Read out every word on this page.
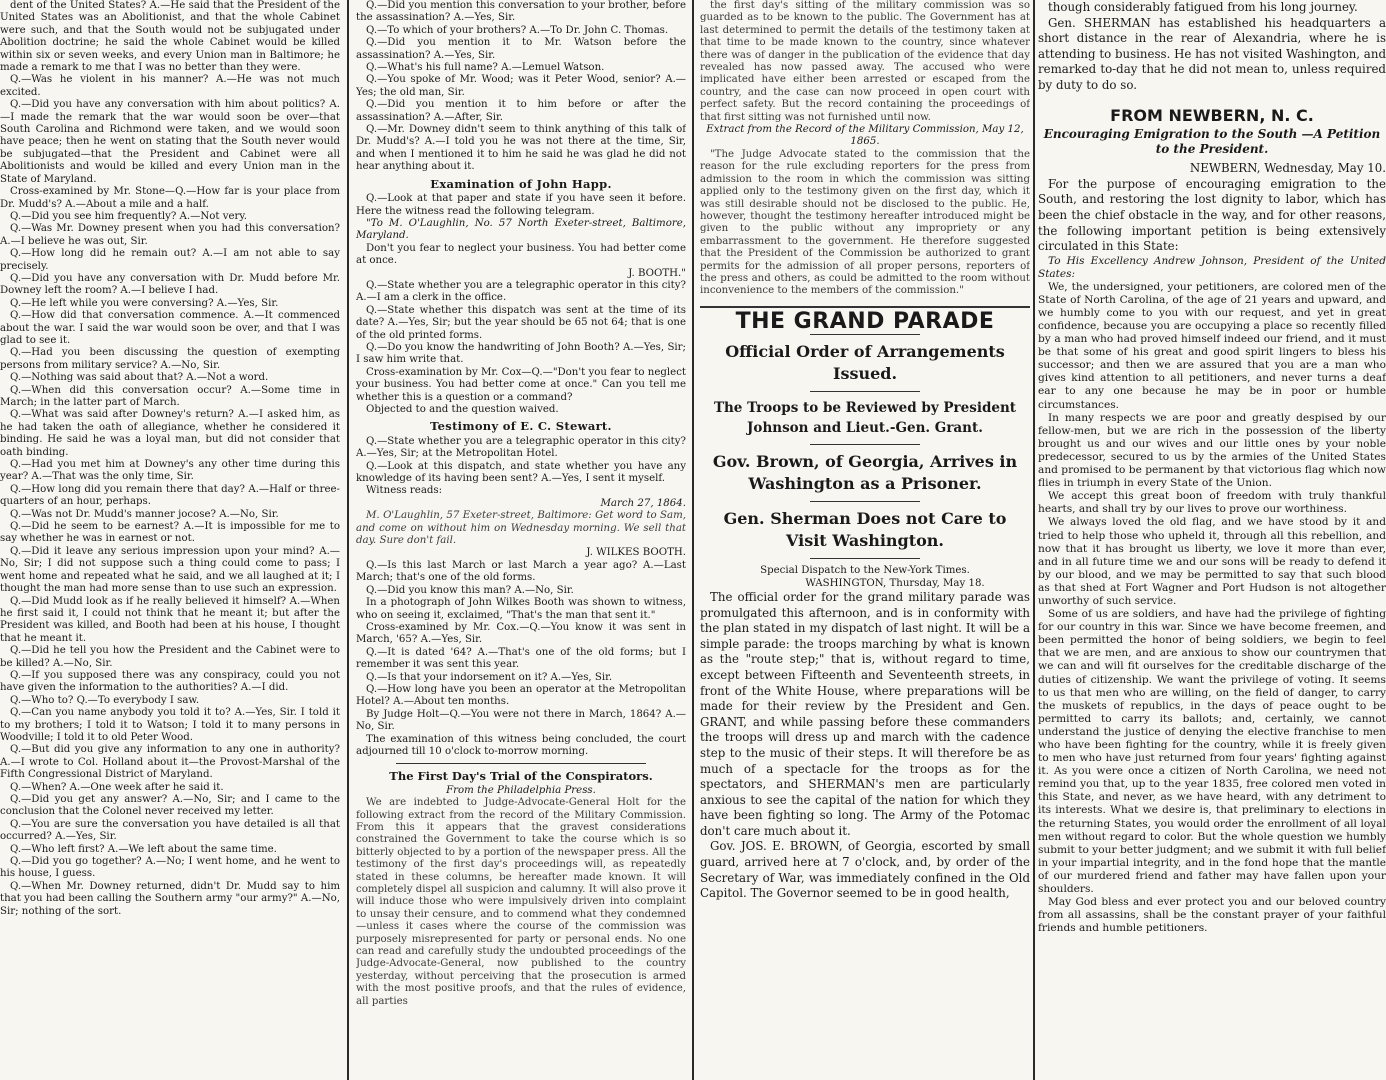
dent of the United States? A.—He said that the President of the United States was an Abolitionist, and that the whole Cabinet were such, and that the South would not be subjugated under Abolition doctrine; he said the whole Cabinet would be killed within six or seven weeks, and every Union man in Baltimore; he made a remark to me that I was no better than they were.

Q.—Was he violent in his manner? A.—He was not much excited.

Q.—Did you have any conversation with him about politics? A.—I made the remark that the war would soon be over—that South Carolina and Richmond were taken, and we would soon have peace; then he went on stating that the South never would be subjugated—that the President and Cabinet were all Abolitionists and would be killed and every Union man in the State of Maryland.

Cross-examined by Mr. Stone—Q.—How far is your place from Dr. Mudd's? A.—About a mile and a half.

Q.—Did you see him frequently? A.—Not very.

Q.—Was Mr. Downey present when you had this conversation? A.—I believe he was out, Sir.

Q.—How long did he remain out? A.—I am not able to say precisely.

Q.—Did you have any conversation with Dr. Mudd before Mr. Downey left the room? A.—I believe I had.

Q.—He left while you were conversing? A.—Yes, Sir.

Q.—How did that conversation commence. A.—It commenced about the war. I said the war would soon be over, and that I was glad to see it.

Q.—Had you been discussing the question of exempting persons from military service? A.—No, Sir.

Q.—Nothing was said about that? A.—Not a word.

Q.—When did this conversation occur? A.—Some time in March; in the latter part of March.

Q.—What was said after Downey's return? A.—I asked him, as he had taken the oath of allegiance, whether he considered it binding. He said he was a loyal man, but did not consider that oath binding.

Q.—Had you met him at Downey's any other time during this year? A.—That was the only time, Sir.

Q.—How long did you remain there that day? A.—Half or three-quarters of an hour, perhaps.

Q.—Was not Dr. Mudd's manner jocose? A.—No, Sir.

Q.—Did he seem to be earnest? A.—It is impossible for me to say whether he was in earnest or not.

Q.—Did it leave any serious impression upon your mind? A.—No, Sir; I did not suppose such a thing could come to pass; I went home and repeated what he said, and we all laughed at it; I thought the man had more sense than to use such an expression.

Q.—Did Mudd look as if he really believed it himself? A.—When he first said it, I could not think that he meant it; but after the President was killed, and Booth had been at his house, I thought that he meant it.

Q.—Did he tell you how the President and the Cabinet were to be killed? A.—No, Sir.

Q.—If you supposed there was any conspiracy, could you not have given the information to the authorities? A.—I did.

Q.—Who to? Q.—To everybody I saw.

Q.—Can you name anybody you told it to? A.—Yes, Sir. I told it to my brothers; I told it to Watson; I told it to many persons in Woodville; I told it to old Peter Wood.

Q.—But did you give any information to any one in authority? A.—I wrote to Col. Holland about it—the Provost-Marshal of the Fifth Congressional District of Maryland.

Q.—When? A.—One week after he said it.

Q.—Did you get any answer? A.—No, Sir; and I came to the conclusion that the Colonel never received my letter.

Q.—You are sure the conversation you have detailed is all that occurred? A.—Yes, Sir.

Q.—Who left first? A.—We left about the same time.

Q.—Did you go together? A.—No; I went home, and he went to his house, I guess.

Q.—When Mr. Downey returned, didn't Dr. Mudd say to him that you had been calling the Southern army "our army?" A.—No, Sir; nothing of the sort.

Q.—Did you mention this conversation to your brother, before the assassination? A.—Yes, Sir.

Q.—To which of your brothers? A.—To Dr. John C. Thomas.

Q.—Did you mention it to Mr. Watson before the assassination? A.—Yes, Sir.

Q.—What's his full name? A.—Lemuel Watson.

Q.—You spoke of Mr. Wood; was it Peter Wood, senior? A.—Yes; the old man, Sir.

Q.—Did you mention it to him before or after the assassination? A.—After, Sir.

Q.—Mr. Downey didn't seem to think anything of this talk of Dr. Mudd's? A.—I told you he was not there at the time, Sir, and when I mentioned it to him he said he was glad he did not hear anything about it.

Examination of John Happ.

Q.—Look at that paper and state if you have seen it before. Here the witness read the following telegram.

"To M. O'Laughlin, No. 57 North Exeter-street, Baltimore, Maryland.

Don't you fear to neglect your business. You had better come at once.

J. BOOTH."

Q.—State whether you are a telegraphic operator in this city? A.—I am a clerk in the office.

Q.—State whether this dispatch was sent at the time of its date? A.—Yes, Sir; but the year should be 65 not 64; that is one of the old printed forms.

Q.—Do you know the handwriting of John Booth? A.—Yes, Sir; I saw him write that.

Cross-examination by Mr. Cox—Q.—"Don't you fear to neglect your business. You had better come at once." Can you tell me whether this is a question or a command?

Objected to and the question waived.

Testimony of E. C. Stewart.

Q.—State whether you are a telegraphic operator in this city? A.—Yes, Sir; at the Metropolitan Hotel.

Q.—Look at this dispatch, and state whether you have any knowledge of its having been sent? A.—Yes, I sent it myself.

Witness reads:

March 27, 1864.

M. O'Laughlin, 57 Exeter-street, Baltimore: Get word to Sam, and come on without him on Wednesday morning. We sell that day. Sure don't fail.

J. WILKES BOOTH.

Q.—Is this last March or last March a year ago? A.—Last March; that's one of the old forms.

Q.—Did you know this man? A.—No, Sir.

In a photograph of John Wilkes Booth was shown to witness, who on seeing it, exclaimed, "That's the man that sent it."

Cross-examined by Mr. Cox.—Q.—You know it was sent in March, '65? A.—Yes, Sir.

Q.—It is dated '64? A.—That's one of the old forms; but I remember it was sent this year.

Q.—Is that your indorsement on it? A.—Yes, Sir.

Q.—How long have you been an operator at the Metropolitan Hotel? A.—About ten months.

By Judge Holt—Q.—You were not there in March, 1864? A.—No, Sir.

The examination of this witness being concluded, the court adjourned till 10 o'clock to-morrow morning.

The First Day's Trial of the Conspirators.

From the Philadelphia Press.

We are indebted to Judge-Advocate-General Holt for the following extract from the record of the Military Commission. From this it appears that the gravest considerations constrained the Government to take the course which is so bitterly objected to by a portion of the newspaper press. All the testimony of the first day's proceedings will, as repeatedly stated in these columns, be hereafter made known. It will completely dispel all suspicion and calumny. It will also prove it will induce those who were impulsively driven into complaint to unsay their censure, and to commend what they condemned—unless it cases where the course of the commission was purposely misrepresented for party or personal ends. No one can read and carefully study the undoubted proceedings of the Judge-Advocate-General, now published to the country yesterday, without perceiving that the prosecution is armed with the most positive proofs, and that the rules of evidence, all parties

the first day's sitting of the military commission was so guarded as to be known to the public. The Government has at last determined to permit the details of the testimony taken at that time to be made known to the country, since whatever there was of danger in the publication of the evidence that day revealed has now passed away. The accused who were implicated have either been arrested or escaped from the country, and the case can now proceed in open court with perfect safety. But the record containing the proceedings of that first sitting was not furnished until now.

Extract from the Record of the Military Commission, May 12, 1865.

"The Judge Advocate stated to the commission that the reason for the rule excluding reporters for the press from admission to the room in which the commission was sitting applied only to the testimony given on the first day, which it was still desirable should not be disclosed to the public. He, however, thought the testimony hereafter introduced might be given to the public without any impropriety or any embarrassment to the government. He therefore suggested that the President of the Commission be authorized to grant permits for the admission of all proper persons, reporters of the press and others, as could be admitted to the room without inconvenience to the members of the commission."

THE GRAND PARADE

Official Order of Arrangements Issued.

The Troops to be Reviewed by President Johnson and Lieut.-Gen. Grant.

Gov. Brown, of Georgia, Arrives in Washington as a Prisoner.

Gen. Sherman Does not Care to Visit Washington.

Special Dispatch to the New-York Times.

WASHINGTON, Thursday, May 18.

The official order for the grand military parade was promulgated this afternoon, and is in conformity with the plan stated in my dispatch of last night. It will be a simple parade: the troops marching by what is known as the "route step;" that is, without regard to time, except between Fifteenth and Seventeenth streets, in front of the White House, where preparations will be made for their review by the President and Gen. GRANT, and while passing before these commanders the troops will dress up and march with the cadence step to the music of their steps. It will therefore be as much of a spectacle for the troops as for the spectators, and SHERMAN's men are particularly anxious to see the capital of the nation for which they have been fighting so long. The Army of the Potomac don't care much about it.

Gov. JOS. E. BROWN, of Georgia, escorted by small guard, arrived here at 7 o'clock, and, by order of the Secretary of War, was immediately confined in the Old Capitol. The Governor seemed to be in good health,

though considerably fatigued from his long journey.

Gen. SHERMAN has established his headquarters a short distance in the rear of Alexandria, where he is attending to business. He has not visited Washington, and remarked to-day that he did not mean to, unless required by duty to do so.

FROM NEWBERN, N. C.

Encouraging Emigration to the South —A Petition to the President.

NEWBERN, Wednesday, May 10.

For the purpose of encouraging emigration to the South, and restoring the lost dignity to labor, which has been the chief obstacle in the way, and for other reasons, the following important petition is being extensively circulated in this State:

To His Excellency Andrew Johnson, President of the United States:

We, the undersigned, your petitioners, are colored men of the State of North Carolina, of the age of 21 years and upward, and we humbly come to you with our request, and yet in great confidence, because you are occupying a place so recently filled by a man who had proved himself indeed our friend, and it must be that some of his great and good spirit lingers to bless his successor; and then we are assured that you are a man who gives kind attention to all petitioners, and never turns a deaf ear to any one because he may be in poor or humble circumstances.

In many respects we are poor and greatly despised by our fellow-men, but we are rich in the possession of the liberty brought us and our wives and our little ones by your noble predecessor, secured to us by the armies of the United States and promised to be permanent by that victorious flag which now flies in triumph in every State of the Union.

We accept this great boon of freedom with truly thankful hearts, and shall try by our lives to prove our worthiness.

We always loved the old flag, and we have stood by it and tried to help those who upheld it, through all this rebellion, and now that it has brought us liberty, we love it more than ever, and in all future time we and our sons will be ready to defend it by our blood, and we may be permitted to say that such blood as that shed at Fort Wagner and Port Hudson is not altogether unworthy of such service.

Some of us are soldiers, and have had the privilege of fighting for our country in this war. Since we have become freemen, and been permitted the honor of being soldiers, we begin to feel that we are men, and are anxious to show our countrymen that we can and will fit ourselves for the creditable discharge of the duties of citizenship. We want the privilege of voting. It seems to us that men who are willing, on the field of danger, to carry the muskets of republics, in the days of peace ought to be permitted to carry its ballots; and, certainly, we cannot understand the justice of denying the elective franchise to men who have been fighting for the country, while it is freely given to men who have just returned from four years' fighting against it. As you were once a citizen of North Carolina, we need not remind you that, up to the year 1835, free colored men voted in this State, and never, as we have heard, with any detriment to its interests. What we desire is, that preliminary to elections in the returning States, you would order the enrollment of all loyal men without regard to color. But the whole question we humbly submit to your better judgment; and we submit it with full belief in your impartial integrity, and in the fond hope that the mantle of our murdered friend and father may have fallen upon your shoulders.

May God bless and ever protect you and our beloved country from all assassins, shall be the constant prayer of your faithful friends and humble petitioners.
